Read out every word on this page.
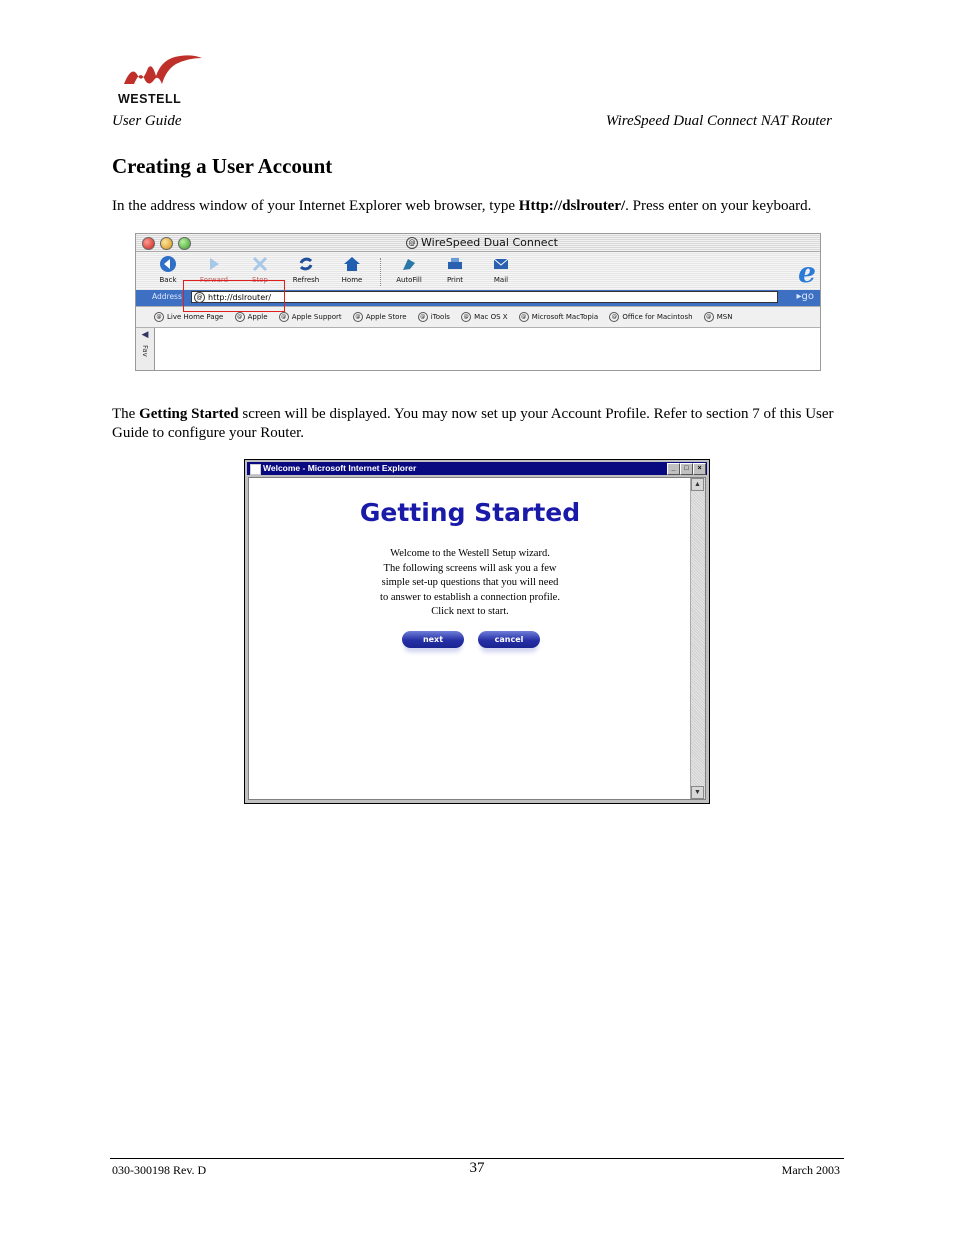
WESTELL
User Guide	WireSpeed Dual Connect NAT Router
Creating a User Account

In the address window of your Internet Explorer web browser, type Http://dslrouter/. Press enter on your keyboard.

@ WireSpeed Dual Connect
Back	Forward	Stop	Refresh	Home	AutoFill	Print	Mail	e
Address	@ http://dslrouter/	▸go
@ Live Home Page	@ Apple	@ Apple Support	@ Apple Store	@ iTools	@ Mac OS X	@ Microsoft MacTopia	@ Office for Macintosh	@ MSN
◀
Fav

The Getting Started screen will be displayed. You may now set up your Account Profile. Refer to section 7 of this User Guide to configure your Router.

Welcome - Microsoft Internet Explorer	_	□	×
Getting Started
Welcome to the Westell Setup wizard.
The following screens will ask you a few
simple set-up questions that you will need
to answer to establish a connection profile.
Click next to start.
next	cancel
▲
▼
030-300198 Rev. D	37	March 2003
